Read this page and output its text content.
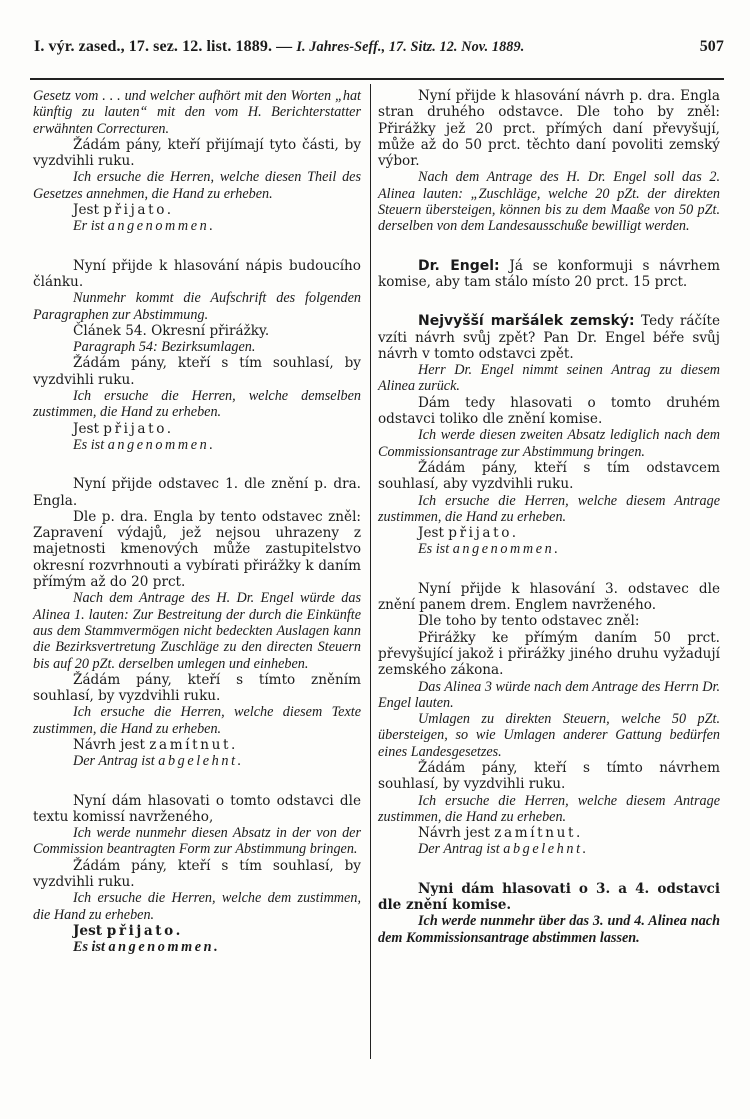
I. výr. zased., 17. sez. 12. list. 1889. — I. Jahres-Seff., 17. Sitz. 12. Nov. 1889.	507

Gesetz vom . . . und welcher aufhört mit den Worten „hat künftig zu lauten“ mit den vom H. Berichterstatter erwähnten Correcturen.

Žádám pány, kteří přijímají tyto části, by vyzdvihli ruku.

Ich ersuche die Herren, welche diesen Theil des Gesetzes annehmen, die Hand zu erheben.

Jest přijato.

Er ist angenommen.

Nyní přijde k hlasování nápis budoucího článku.

Nunmehr kommt die Aufschrift des folgenden Paragraphen zur Abstimmung.

Článek 54. Okresní přirážky.

Paragraph 54: Bezirksumlagen.

Žádám pány, kteří s tím souhlasí, by vyzdvihli ruku.

Ich ersuche die Herren, welche demselben zustimmen, die Hand zu erheben.

Jest přijato.

Es ist angenommen.

Nyní přijde odstavec 1. dle znění p. dra. Engla.

Dle p. dra. Engla by tento odstavec zněl: Zapravení výdajů, jež nejsou uhrazeny z majetnosti kmenových může zastupitelstvo okresní rozvrhnouti a vybírati přirážky k daním přímým až do 20 prct.

Nach dem Antrage des H. Dr. Engel würde das Alinea 1. lauten: Zur Bestreitung der durch die Einkünfte aus dem Stammvermögen nicht bedeckten Auslagen kann die Bezirksvertretung Zuschläge zu den directen Steuern bis auf 20 pZt. derselben umlegen und einheben.

Žádám pány, kteří s tímto zněním souhlasí, by vyzdvihli ruku.

Ich ersuche die Herren, welche diesem Texte zustimmen, die Hand zu erheben.

Návrh jest zamítnut.

Der Antrag ist abgelehnt.

Nyní dám hlasovati o tomto odstavci dle textu komissí navrženého,

Ich werde nunmehr diesen Absatz in der von der Commission beantragten Form zur Abstimmung bringen.

Žádám pány, kteří s tím souhlasí, by vyzdvihli ruku.

Ich ersuche die Herren, welche dem zustimmen, die Hand zu erheben.

Jest přijato.

Es ist angenommen.

Nyní přijde k hlasování návrh p. dra. Engla stran druhého odstavce. Dle toho by zněl: Přirážky jež 20 prct. přímých daní převyšují, může až do 50 prct. těchto daní povoliti zemský výbor.

Nach dem Antrage des H. Dr. Engel soll das 2. Alinea lauten: „Zuschläge, welche 20 pZt. der direkten Steuern übersteigen, können bis zu dem Maaße von 50 pZt. derselben von dem Landesausschuße bewilligt werden.

Dr. Engel: Já se konformuji s návrhem komise, aby tam stálo místo 20 prct. 15 prct.

Nejvyšší maršálek zemský: Tedy ráčíte vzíti návrh svůj zpět? Pan Dr. Engel béře svůj návrh v tomto odstavci zpět.

Herr Dr. Engel nimmt seinen Antrag zu diesem Alinea zurück.

Dám tedy hlasovati o tomto druhém odstavci toliko dle znění komise.

Ich werde diesen zweiten Absatz lediglich nach dem Commissionsantrage zur Abstimmung bringen.

Žádám pány, kteří s tím odstavcem souhlasí, aby vyzdvihli ruku.

Ich ersuche die Herren, welche diesem Antrage zustimmen, die Hand zu erheben.

Jest přijato.

Es ist angenommen.

Nyní přijde k hlasování 3. odstavec dle znění panem drem. Englem navrženého.

Dle toho by tento odstavec zněl:

Přirážky ke přímým daním 50 prct. převyšující jakož i přirážky jiného druhu vyžadují zemského zákona.

Das Alinea 3 würde nach dem Antrage des Herrn Dr. Engel lauten.

Umlagen zu direkten Steuern, welche 50 pZt. übersteigen, so wie Umlagen anderer Gattung bedürfen eines Landesgesetzes.

Žádám pány, kteří s tímto návrhem souhlasí, by vyzdvihli ruku.

Ich ersuche die Herren, welche diesem Antrage zustimmen, die Hand zu erheben.

Návrh jest zamítnut.

Der Antrag ist abgelehnt.

Nyni dám hlasovati o 3. a 4. odstavci dle znění komise.

Ich werde nunmehr über das 3. und 4. Alinea nach dem Kommissionsantrage abstimmen lassen.
